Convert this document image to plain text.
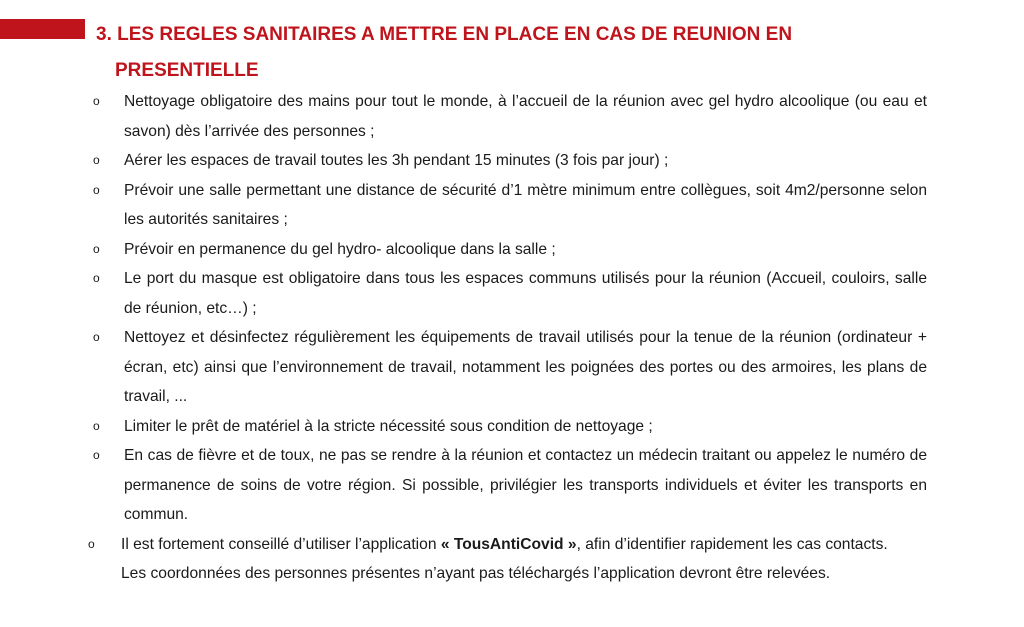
3. LES REGLES SANITAIRES A METTRE EN PLACE EN CAS DE REUNION EN
PRESENTIELLE
o Nettoyage obligatoire des mains pour tout le monde, à l’accueil de la réunion avec gel hydro alcoolique (ou eau et savon) dès l’arrivée des personnes ;
o Aérer les espaces de travail toutes les 3h pendant 15 minutes (3 fois par jour) ;
o Prévoir une salle permettant une distance de sécurité d’1 mètre minimum entre collègues, soit 4m2/personne selon les autorités sanitaires ;
o Prévoir en permanence du gel hydro- alcoolique dans la salle ;
o Le port du masque est obligatoire dans tous les espaces communs utilisés pour la réunion (Accueil, couloirs, salle de réunion, etc…) ;
o Nettoyez et désinfectez régulièrement les équipements de travail utilisés pour la tenue de la réunion (ordinateur + écran, etc) ainsi que l’environnement de travail, notamment les poignées des portes ou des armoires, les plans de travail, ...
o Limiter le prêt de matériel à la stricte nécessité sous condition de nettoyage ;
o En cas de fièvre et de toux, ne pas se rendre à la réunion et contactez un médecin traitant ou appelez le numéro de permanence de soins de votre région. Si possible, privilégier les transports individuels et éviter les transports en commun.
o Il est fortement conseillé d’utiliser l’application « TousAntiCovid », afin d’identifier rapidement les cas contacts. Les coordonnées des personnes présentes n’ayant pas téléchargés l’application devront être relevées.
